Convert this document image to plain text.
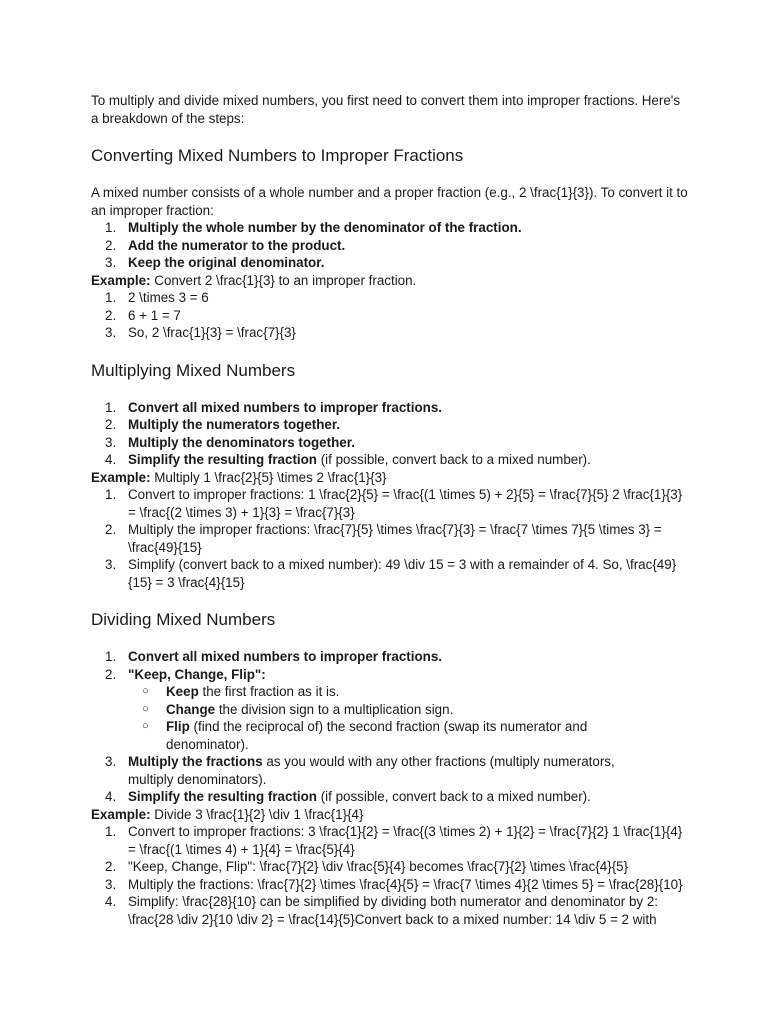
To multiply and divide mixed numbers, you first need to convert them into improper fractions. Here's a breakdown of the steps:

Converting Mixed Numbers to Improper Fractions

A mixed number consists of a whole number and a proper fraction (e.g., 2 \frac{1}{3}). To convert it to an improper fraction:

1. Multiply the whole number by the denominator of the fraction.
2. Add the numerator to the product.
3. Keep the original denominator.

Example: Convert 2 \frac{1}{3} to an improper fraction.

1. 2 \times 3 = 6
2. 6 + 1 = 7
3. So, 2 \frac{1}{3} = \frac{7}{3}
Multiplying Mixed Numbers
1. Convert all mixed numbers to improper fractions.
2. Multiply the numerators together.
3. Multiply the denominators together.
4. Simplify the resulting fraction (if possible, convert back to a mixed number).

Example: Multiply 1 \frac{2}{5} \times 2 \frac{1}{3}

1. Convert to improper fractions: 1 \frac{2}{5} = \frac{(1 \times 5) + 2}{5} = \frac{7}{5} 2 \frac{1}{3} = \frac{(2 \times 3) + 1}{3} = \frac{7}{3}
2. Multiply the improper fractions: \frac{7}{5} \times \frac{7}{3} = \frac{7 \times 7}{5 \times 3} = \frac{49}{15}
3. Simplify (convert back to a mixed number): 49 \div 15 = 3 with a remainder of 4. So, \frac{49}{15} = 3 \frac{4}{15}
Dividing Mixed Numbers
1. Convert all mixed numbers to improper fractions.
2. "Keep, Change, Flip":
○ Keep the first fraction as it is.
○ Change the division sign to a multiplication sign.
○ Flip (find the reciprocal of) the second fraction (swap its numerator and denominator).
3. Multiply the fractions as you would with any other fractions (multiply numerators, multiply denominators).
4. Simplify the resulting fraction (if possible, convert back to a mixed number).

Example: Divide 3 \frac{1}{2} \div 1 \frac{1}{4}

1. Convert to improper fractions: 3 \frac{1}{2} = \frac{(3 \times 2) + 1}{2} = \frac{7}{2} 1 \frac{1}{4} = \frac{(1 \times 4) + 1}{4} = \frac{5}{4}
2. "Keep, Change, Flip": \frac{7}{2} \div \frac{5}{4} becomes \frac{7}{2} \times \frac{4}{5}
3. Multiply the fractions: \frac{7}{2} \times \frac{4}{5} = \frac{7 \times 4}{2 \times 5} = \frac{28}{10}
4. Simplify: \frac{28}{10} can be simplified by dividing both numerator and denominator by 2: \frac{28 \div 2}{10 \div 2} = \frac{14}{5}Convert back to a mixed number: 14 \div 5 = 2 with
